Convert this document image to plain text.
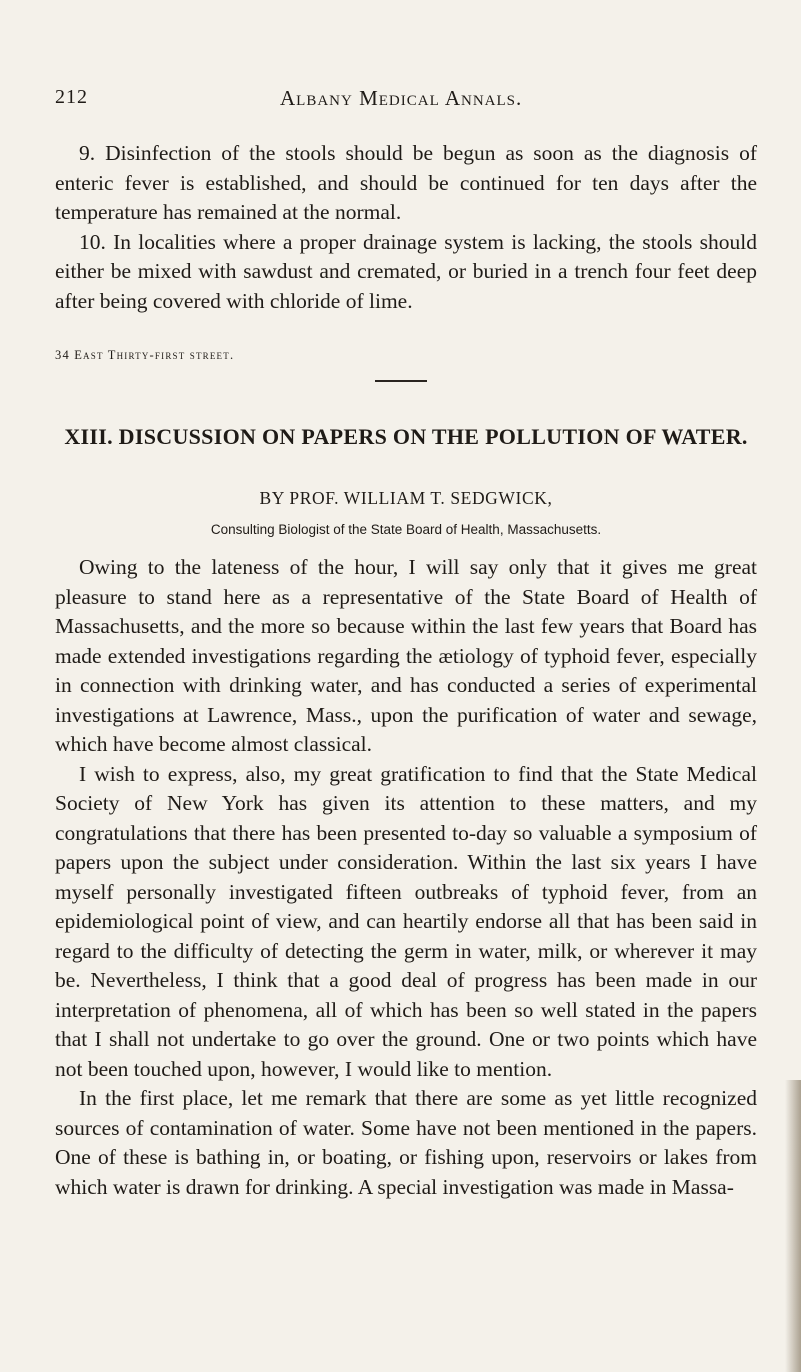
212	Albany Medical Annals.

9. Disinfection of the stools should be begun as soon as the diagnosis of enteric fever is established, and should be continued for ten days after the temperature has remained at the normal.

10. In localities where a proper drainage system is lacking, the stools should either be mixed with sawdust and cremated, or buried in a trench four feet deep after being covered with chloride of lime.

34 East Thirty-first street.
XIII. DISCUSSION ON PAPERS ON THE POLLUTION OF WATER.
BY PROF. WILLIAM T. SEDGWICK,
Consulting Biologist of the State Board of Health, Massachusetts.

Owing to the lateness of the hour, I will say only that it gives me great pleasure to stand here as a representative of the State Board of Health of Massachusetts, and the more so because within the last few years that Board has made extended investigations regarding the ætiology of typhoid fever, especially in connection with drinking water, and has conducted a series of experimental investigations at Lawrence, Mass., upon the purification of water and sewage, which have become almost classical.

I wish to express, also, my great gratification to find that the State Medical Society of New York has given its attention to these matters, and my congratulations that there has been presented to-day so valuable a symposium of papers upon the subject under consideration. Within the last six years I have myself personally investigated fifteen outbreaks of typhoid fever, from an epidemiological point of view, and can heartily endorse all that has been said in regard to the difficulty of detecting the germ in water, milk, or wherever it may be. Nevertheless, I think that a good deal of progress has been made in our interpretation of phenomena, all of which has been so well stated in the papers that I shall not undertake to go over the ground. One or two points which have not been touched upon, however, I would like to mention.

In the first place, let me remark that there are some as yet little recognized sources of contamination of water. Some have not been mentioned in the papers. One of these is bathing in, or boating, or fishing upon, reservoirs or lakes from which water is drawn for drinking. A special investigation was made in Massa-
